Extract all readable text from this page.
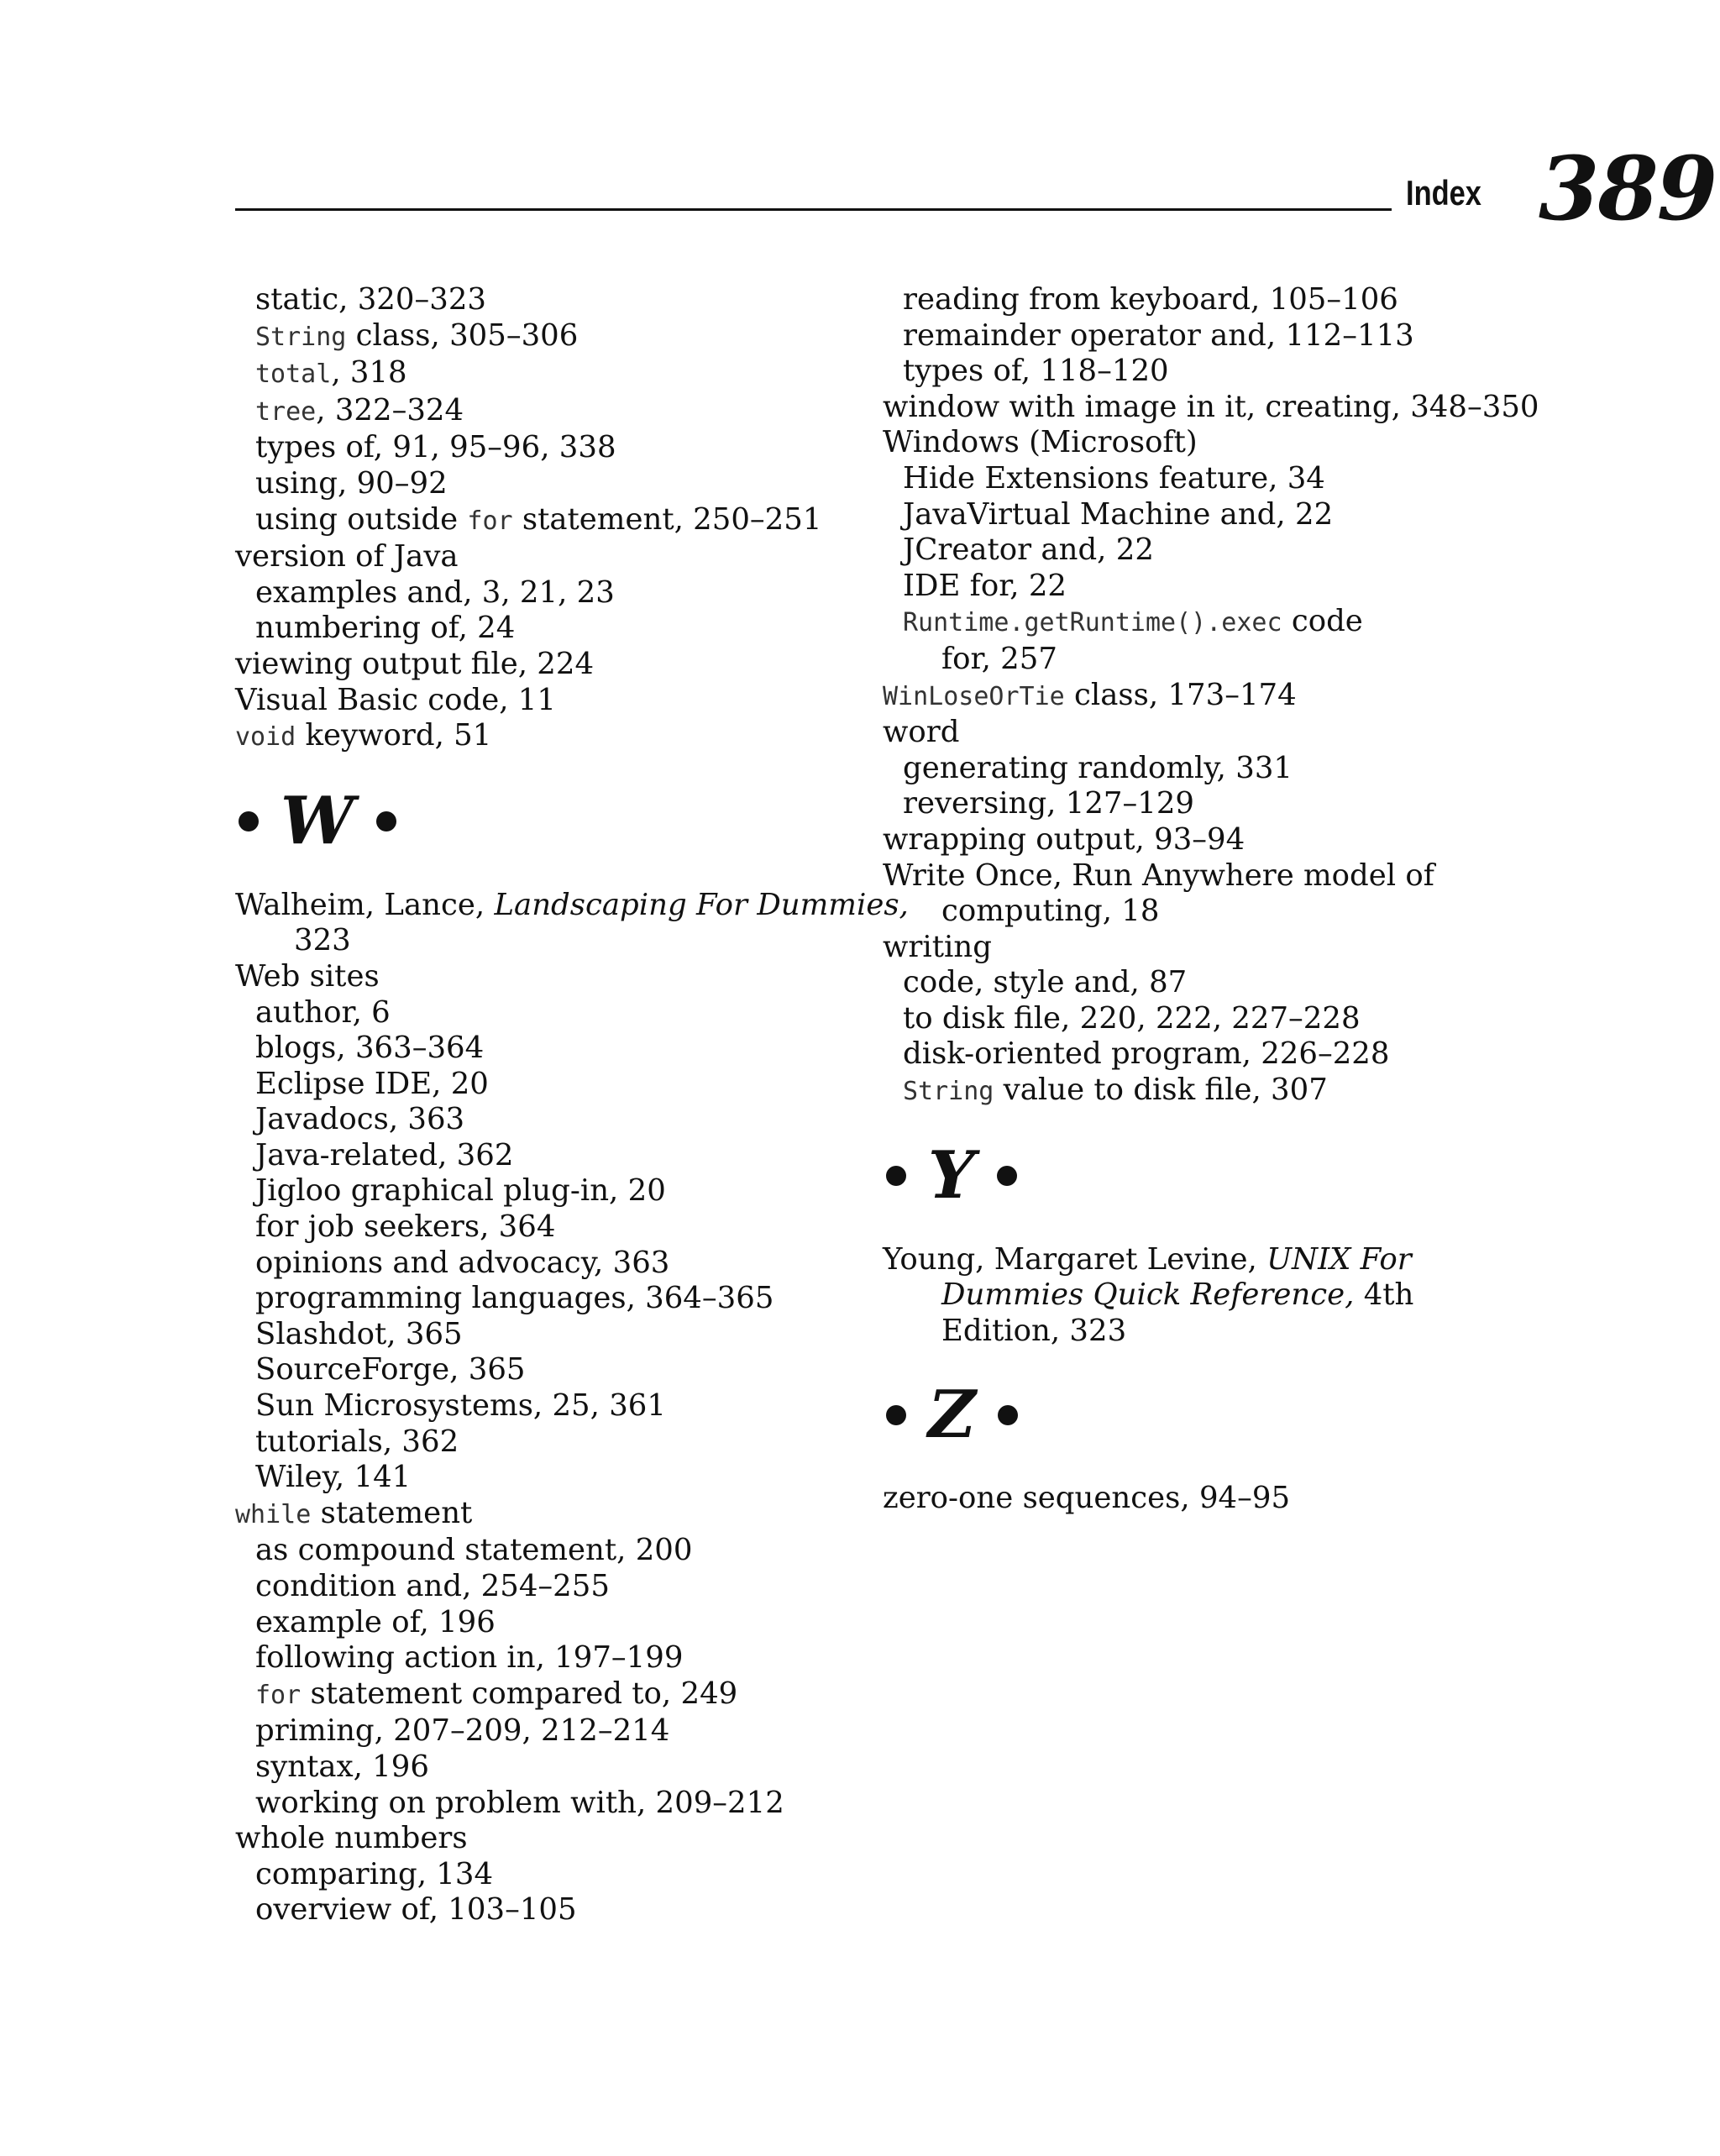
Index 389
static, 320–323
String class, 305–306
total, 318
tree, 322–324
types of, 91, 95–96, 338
using, 90–92
using outside for statement, 250–251
version of Java
examples and, 3, 21, 23
numbering of, 24
viewing output file, 224
Visual Basic code, 11
void keyword, 51
W
Walheim, Lance, Landscaping For Dummies,
323
Web sites
author, 6
blogs, 363–364
Eclipse IDE, 20
Javadocs, 363
Java-related, 362
Jigloo graphical plug-in, 20
for job seekers, 364
opinions and advocacy, 363
programming languages, 364–365
Slashdot, 365
SourceForge, 365
Sun Microsystems, 25, 361
tutorials, 362
Wiley, 141
while statement
as compound statement, 200
condition and, 254–255
example of, 196
following action in, 197–199
for statement compared to, 249
priming, 207–209, 212–214
syntax, 196
working on problem with, 209–212
whole numbers
comparing, 134
overview of, 103–105
reading from keyboard, 105–106
remainder operator and, 112–113
types of, 118–120
window with image in it, creating, 348–350
Windows (Microsoft)
Hide Extensions feature, 34
JavaVirtual Machine and, 22
JCreator and, 22
IDE for, 22
Runtime.getRuntime().exec code
for, 257
WinLoseOrTie class, 173–174
word
generating randomly, 331
reversing, 127–129
wrapping output, 93–94
Write Once, Run Anywhere model of
computing, 18
writing
code, style and, 87
to disk file, 220, 222, 227–228
disk-oriented program, 226–228
String value to disk file, 307
Y
Young, Margaret Levine, UNIX For
Dummies Quick Reference, 4th
Edition, 323
Z
zero-one sequences, 94–95
